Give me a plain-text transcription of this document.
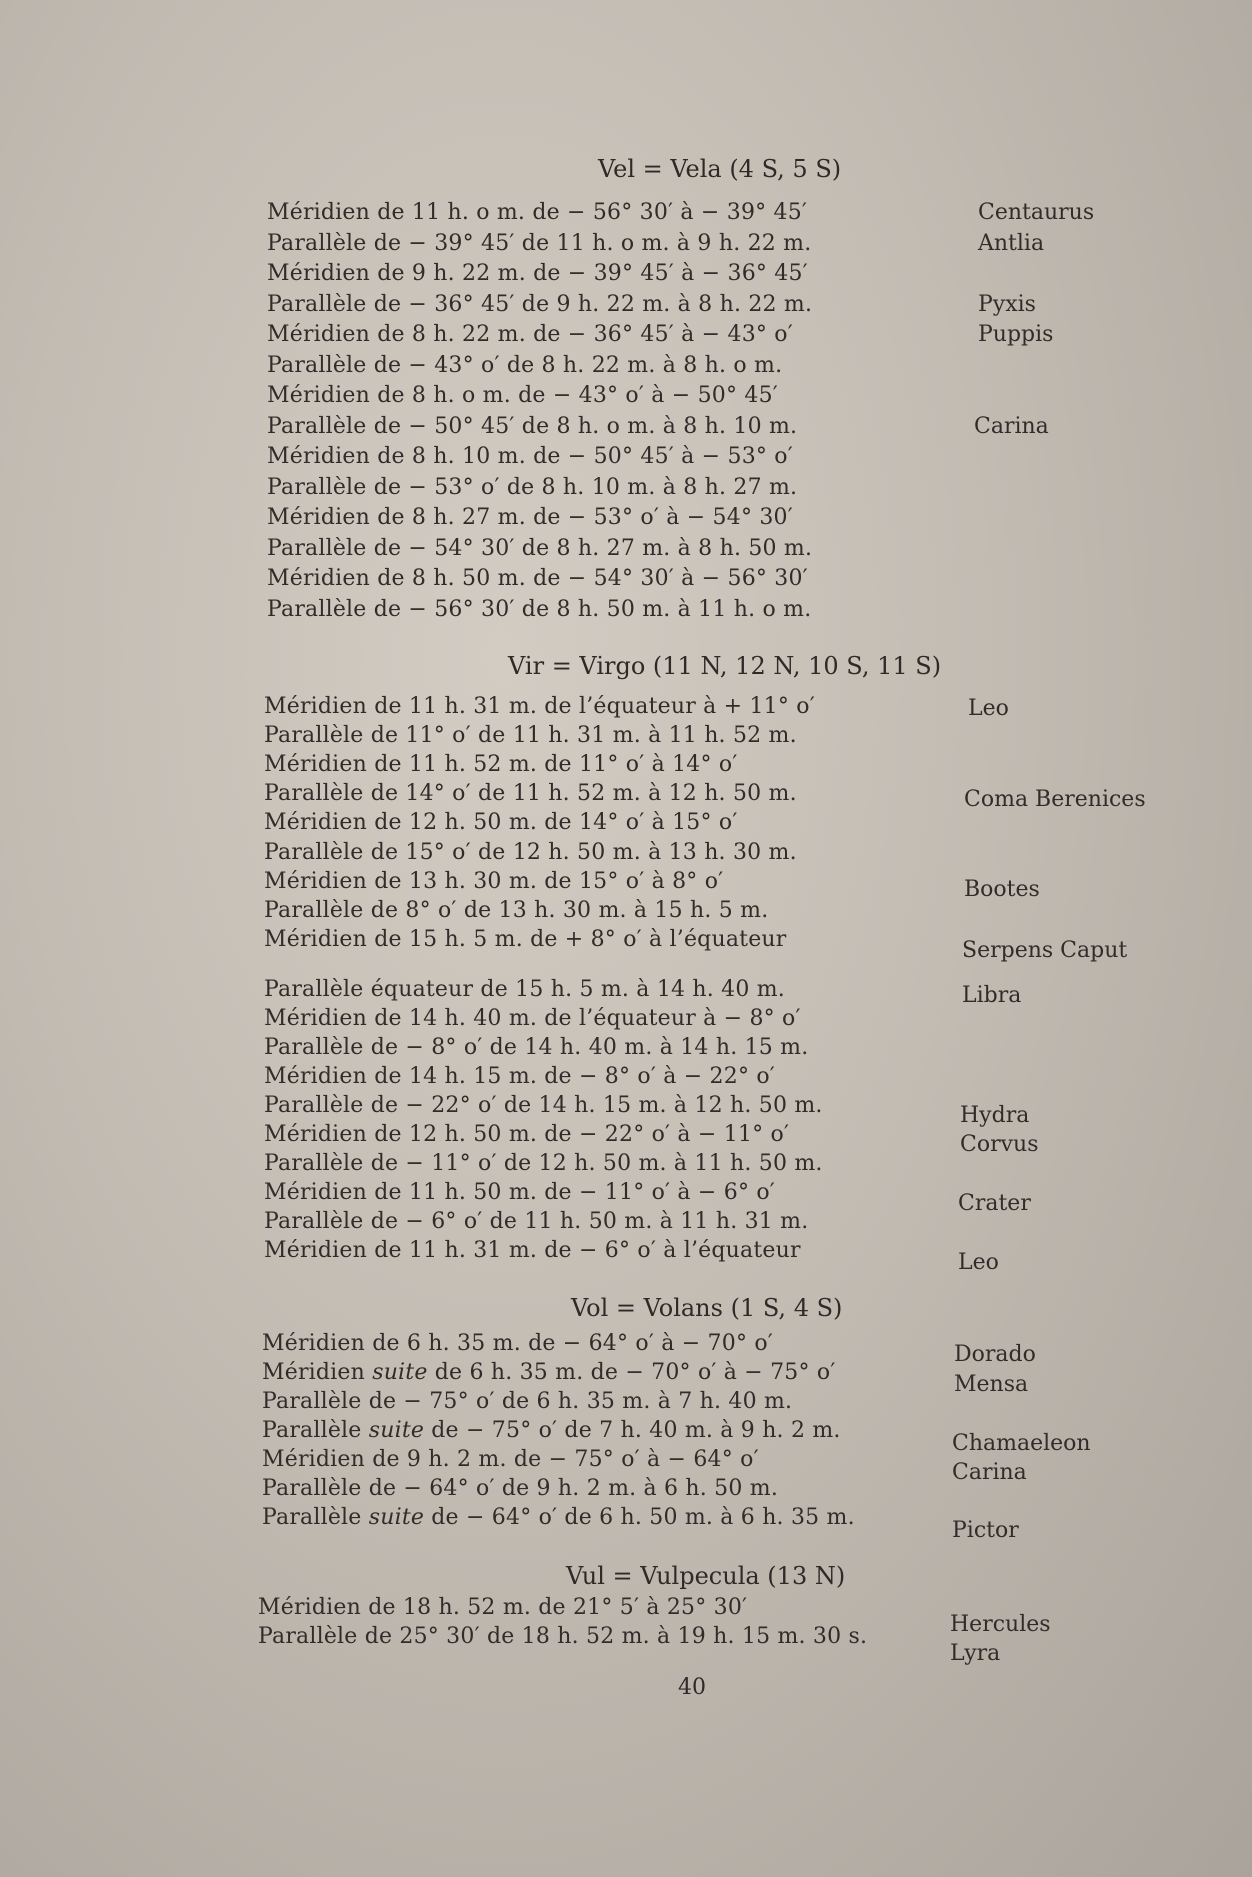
Vel = Vela (4 S, 5 S)
Méridien de 11 h. o m. de − 56° 30′ à − 39° 45′
Parallèle de − 39° 45′ de 11 h. o m. à 9 h. 22 m.
Méridien de 9 h. 22 m. de − 39° 45′ à − 36° 45′
Parallèle de − 36° 45′ de 9 h. 22 m. à 8 h. 22 m.
Méridien de 8 h. 22 m. de − 36° 45′ à − 43° o′
Parallèle de − 43° o′ de 8 h. 22 m. à 8 h. o m.
Méridien de 8 h. o m. de − 43° o′ à − 50° 45′
Parallèle de − 50° 45′ de 8 h. o m. à 8 h. 10 m.
Méridien de 8 h. 10 m. de − 50° 45′ à − 53° o′
Parallèle de − 53° o′ de 8 h. 10 m. à 8 h. 27 m.
Méridien de 8 h. 27 m. de − 53° o′ à − 54° 30′
Parallèle de − 54° 30′ de 8 h. 27 m. à 8 h. 50 m.
Méridien de 8 h. 50 m. de − 54° 30′ à − 56° 30′
Parallèle de − 56° 30′ de 8 h. 50 m. à 11 h. o m.
Centaurus
Antlia
Pyxis
Puppis
Carina
Vir = Virgo (11 N, 12 N, 10 S, 11 S)
Méridien de 11 h. 31 m. de l’équateur à + 11° o′
Parallèle de 11° o′ de 11 h. 31 m. à 11 h. 52 m.
Méridien de 11 h. 52 m. de 11° o′ à 14° o′
Parallèle de 14° o′ de 11 h. 52 m. à 12 h. 50 m.
Méridien de 12 h. 50 m. de 14° o′ à 15° o′
Parallèle de 15° o′ de 12 h. 50 m. à 13 h. 30 m.
Méridien de 13 h. 30 m. de 15° o′ à 8° o′
Parallèle de 8° o′ de 13 h. 30 m. à 15 h. 5 m.
Méridien de 15 h. 5 m. de + 8° o′ à l’équateur
Parallèle équateur de 15 h. 5 m. à 14 h. 40 m.
Méridien de 14 h. 40 m. de l’équateur à − 8° o′
Parallèle de − 8° o′ de 14 h. 40 m. à 14 h. 15 m.
Méridien de 14 h. 15 m. de − 8° o′ à − 22° o′
Parallèle de − 22° o′ de 14 h. 15 m. à 12 h. 50 m.
Méridien de 12 h. 50 m. de − 22° o′ à − 11° o′
Parallèle de − 11° o′ de 12 h. 50 m. à 11 h. 50 m.
Méridien de 11 h. 50 m. de − 11° o′ à − 6° o′
Parallèle de − 6° o′ de 11 h. 50 m. à 11 h. 31 m.
Méridien de 11 h. 31 m. de − 6° o′ à l’équateur
Leo
Coma Berenices
Bootes
Serpens Caput
Libra
Hydra
Corvus
Crater
Leo
Vol = Volans (1 S, 4 S)
Méridien de 6 h. 35 m. de − 64° o′ à − 70° o′
Méridien suite de 6 h. 35 m. de − 70° o′ à − 75° o′
Parallèle de − 75° o′ de 6 h. 35 m. à 7 h. 40 m.
Parallèle suite de − 75° o′ de 7 h. 40 m. à 9 h. 2 m.
Méridien de 9 h. 2 m. de − 75° o′ à − 64° o′
Parallèle de − 64° o′ de 9 h. 2 m. à 6 h. 50 m.
Parallèle suite de − 64° o′ de 6 h. 50 m. à 6 h. 35 m.
Dorado
Mensa
Chamaeleon
Carina
Pictor
Vul = Vulpecula (13 N)
Méridien de 18 h. 52 m. de 21° 5′ à 25° 30′
Parallèle de 25° 30′ de 18 h. 52 m. à 19 h. 15 m. 30 s.	Hercules
Lyra
40
